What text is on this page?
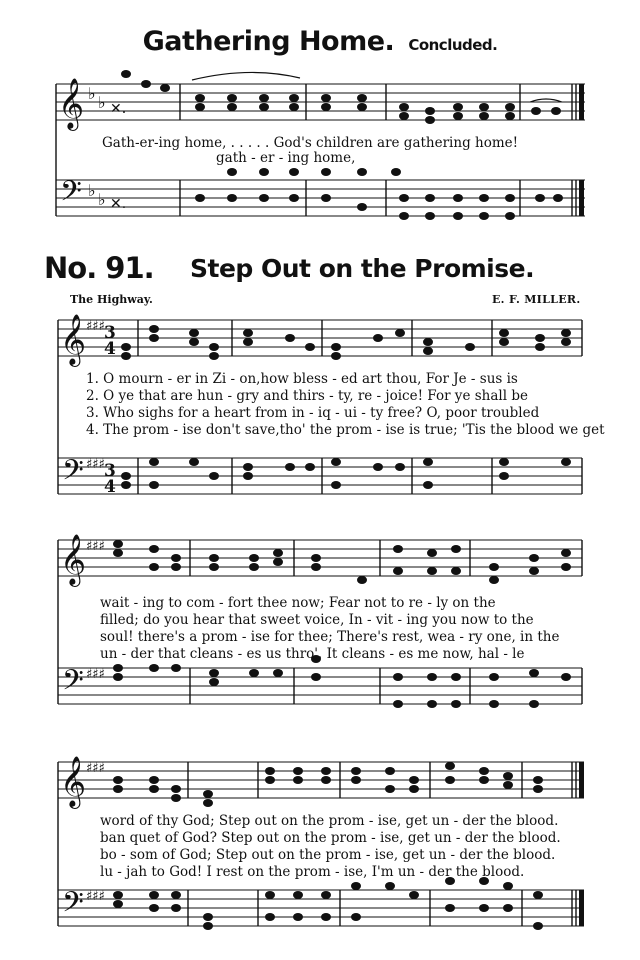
Gathering Home. Concluded.
𝄞 ♭ ♭ ✕.
𝄢 ♭ ♭ ✕.
Gath-er-ing home, . . . . . God's children are gathering home!
gath - er - ing home,
No. 91. Step Out on the Promise.
The Highway.	E. F. MILLER.
𝄞 ♯♯♯ 3
4
𝄢 ♯♯♯ 3
4
1. O mourn - er in Zi - on,how bless - ed art thou, For Je - sus is
2. O ye that are hun - gry and thirs - ty, re - joice! For ye shall be
3. Who sighs for a heart from in - iq - ui - ty free? O, poor troubled
4. The prom - ise don't save,tho' the prom - ise is true; 'Tis the blood we get
𝄞 ♯♯♯
𝄢 ♯♯♯
wait - ing to com - fort thee now; Fear not to re - ly on the
filled; do you hear that sweet voice, In - vit - ing you now to the
soul! there's a prom - ise for thee; There's rest, wea - ry one, in the
un - der that cleans - es us thro', It cleans - es me now, hal - le
𝄞 ♯♯♯
𝄢 ♯♯♯
word of thy God; Step out on the prom - ise, get un - der the blood.
ban quet of God? Step out on the prom - ise, get un - der the blood.
bo - som of God; Step out on the prom - ise, get un - der the blood.
lu - jah to God! I rest on the prom - ise, I'm un - der the blood.
